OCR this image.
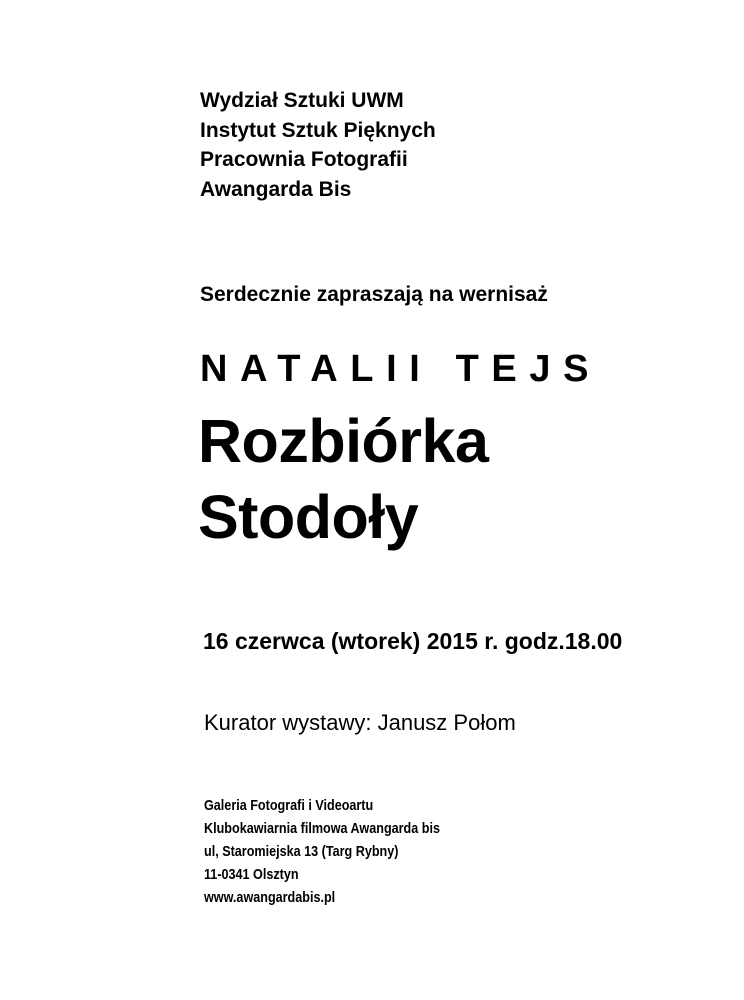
Wydział Sztuki UWM
Instytut Sztuk Pięknych
Pracownia Fotografii
Awangarda Bis
Serdecznie zapraszają na wernisaż
NATALII TEJS
Rozbiórka
Stodoły
16 czerwca (wtorek) 2015 r. godz.18.00
Kurator wystawy: Janusz Połom
Galeria Fotografi i Videoartu
Klubokawiarnia filmowa Awangarda bis
ul, Staromiejska 13 (Targ Rybny)
11-0341 Olsztyn
www.awangardabis.pl
